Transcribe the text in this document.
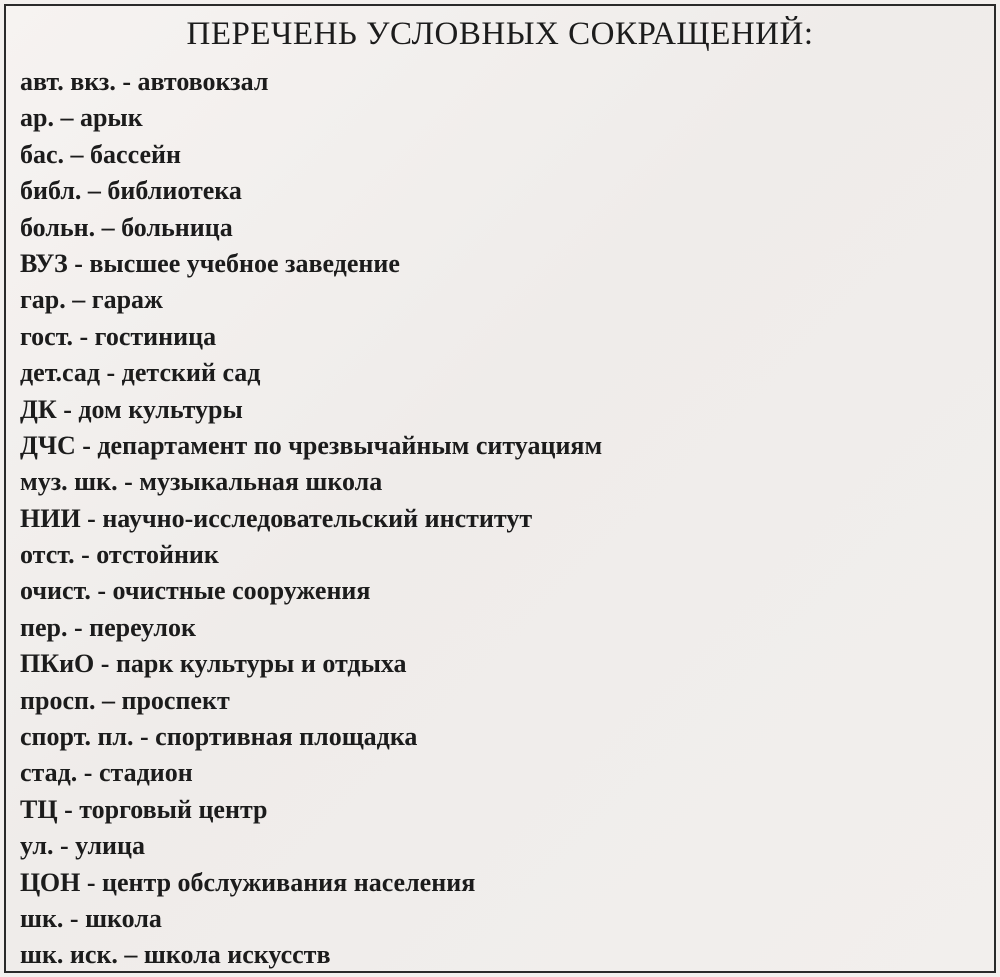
ПЕРЕЧЕНЬ УСЛОВНЫХ СОКРАЩЕНИЙ:
авт. вкз. - автовокзал
ар. – арык
бас. – бассейн
библ. – библиотека
больн. – больница
ВУЗ - высшее учебное заведение
гар. – гараж
гост. - гостиница
дет.сад - детский сад
ДК - дом культуры
ДЧС - департамент по чрезвычайным ситуациям
муз. шк. - музыкальная школа
НИИ - научно-исследовательский институт
отст. - отстойник
очист. - очистные сооружения
пер. - переулок
ПКиО - парк культуры и отдыха
просп. – проспект
спорт. пл. - спортивная площадка
стад. - стадион
ТЦ - торговый центр
ул. - улица
ЦОН - центр обслуживания населения
шк. - школа
шк. иск. – школа искусств
